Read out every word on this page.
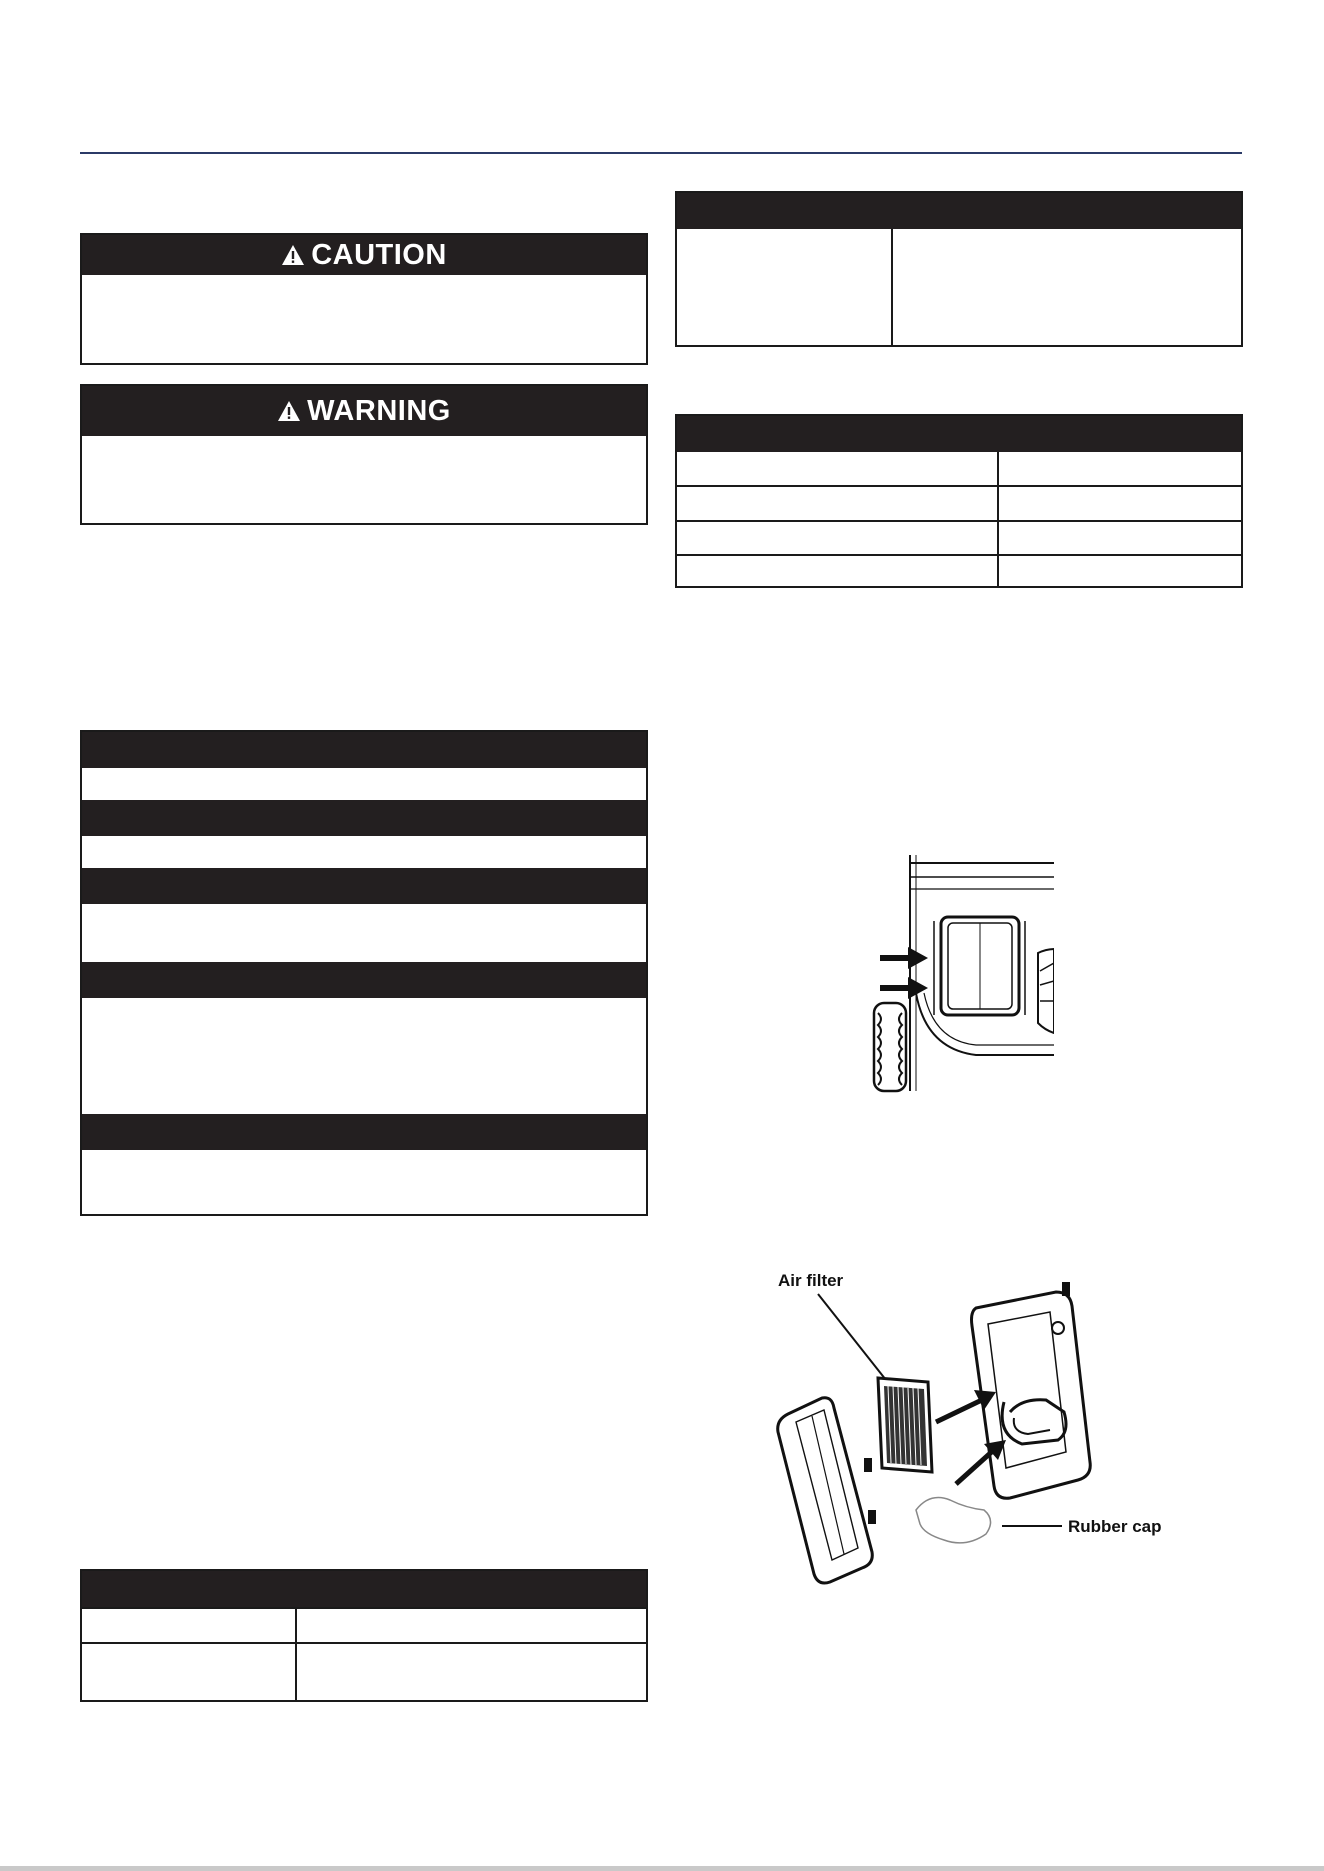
CAUTION
WARNING
Air filter
Rubber cap
